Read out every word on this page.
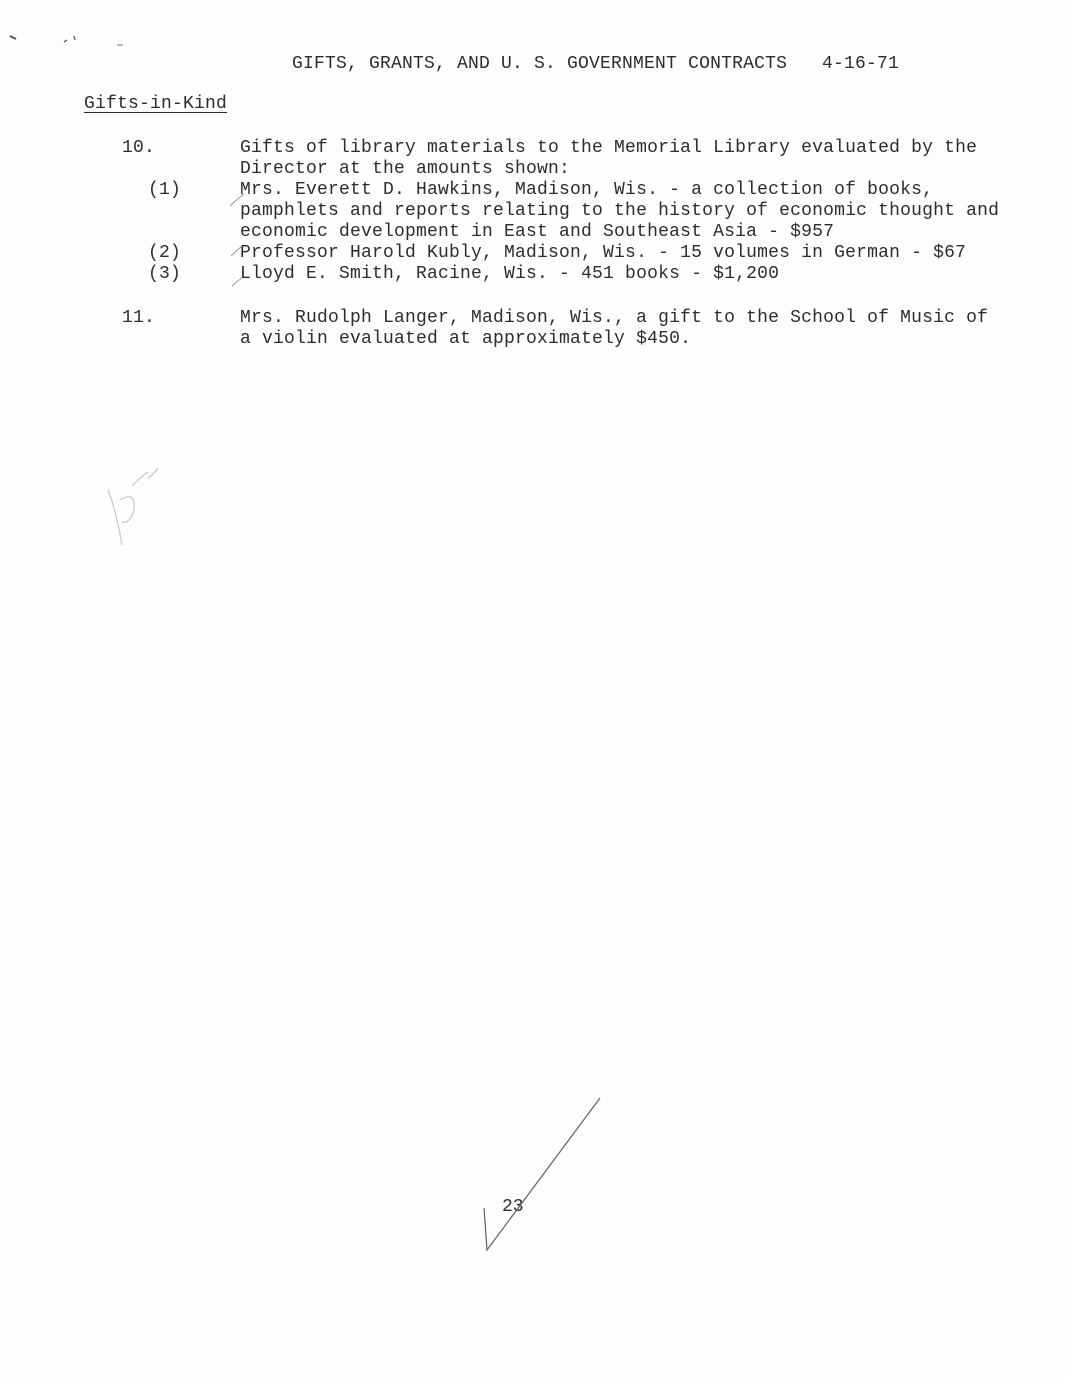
GIFTS, GRANTS, AND U. S. GOVERNMENT CONTRACTS 4-16-71
Gifts-in-Kind
10.	Gifts of library materials to the Memorial Library evaluated by the
Director at the amounts shown:
(1)	Mrs. Everett D. Hawkins, Madison, Wis. - a collection of books,
pamphlets and reports relating to the history of economic thought and
economic development in East and Southeast Asia - $957
(2)	Professor Harold Kubly, Madison, Wis. - 15 volumes in German - $67
(3)	Lloyd E. Smith, Racine, Wis. - 451 books - $1,200
11.	Mrs. Rudolph Langer, Madison, Wis., a gift to the School of Music of
a violin evaluated at approximately $450.
23
